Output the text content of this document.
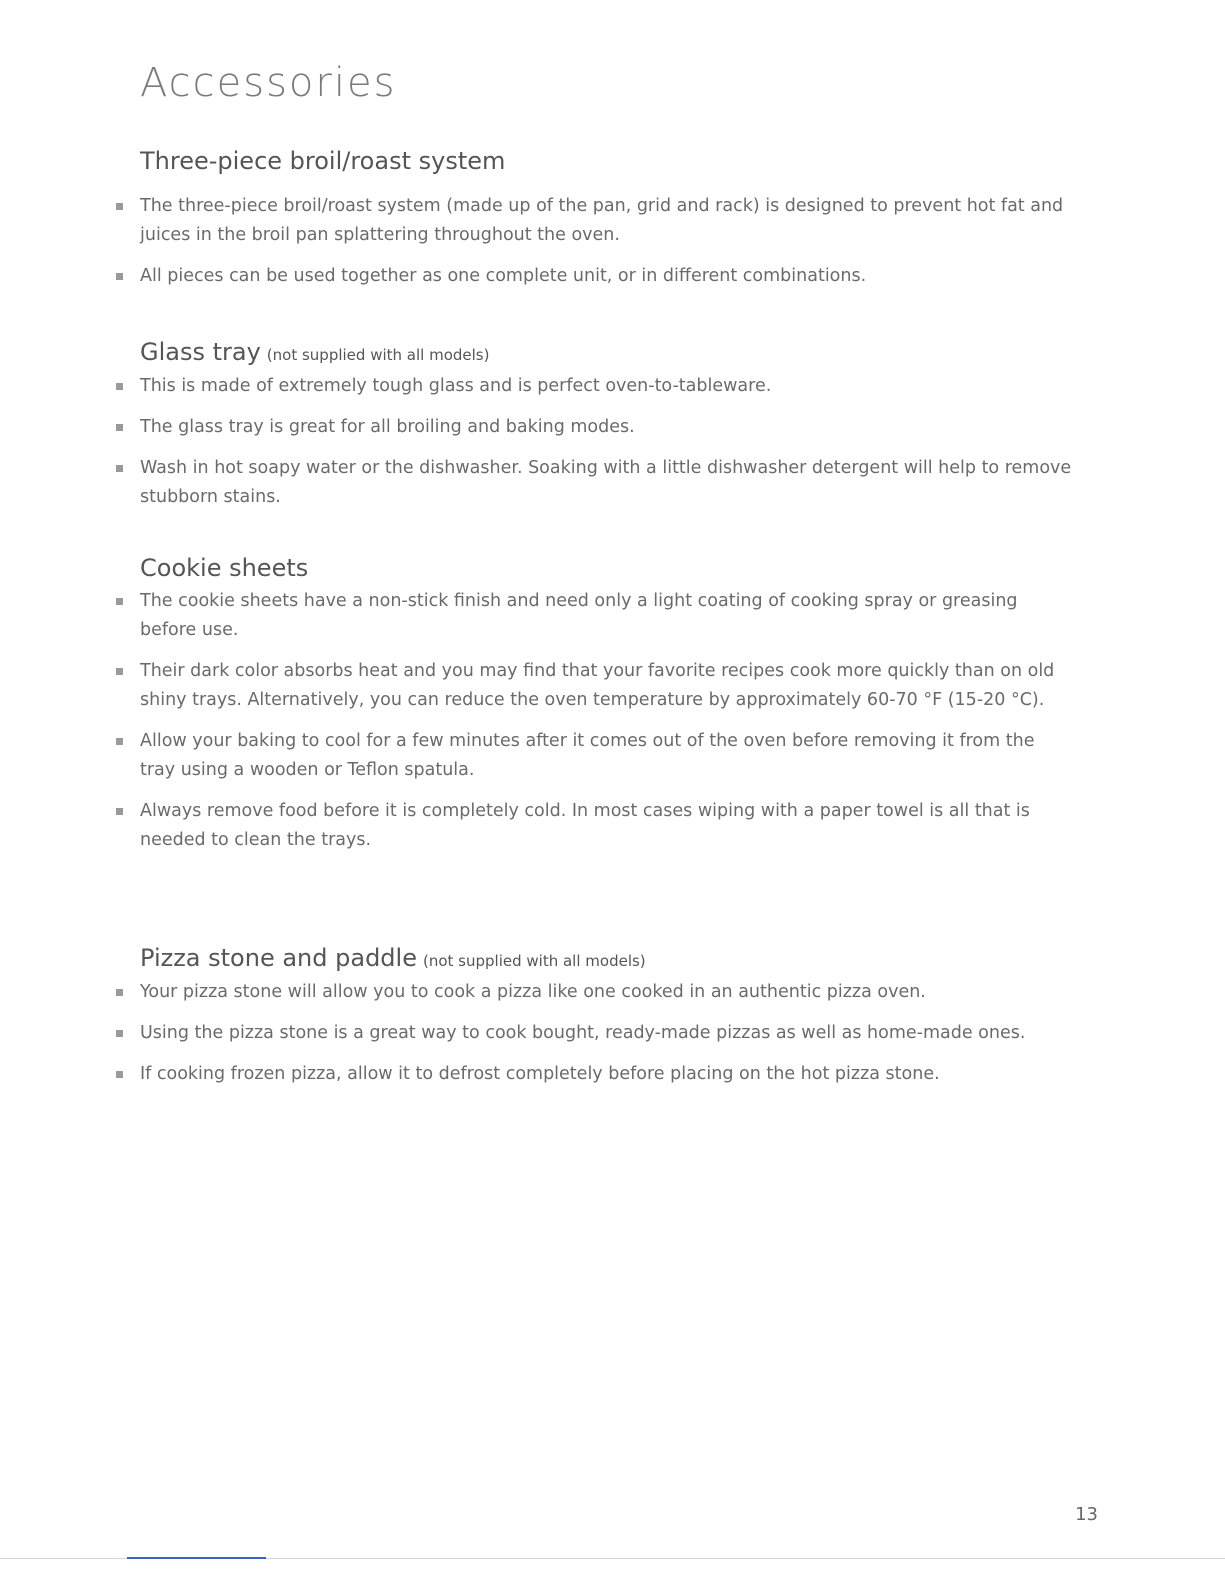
Accessories
Three-piece broil/roast system
The three-piece broil/roast system (made up of the pan, grid and rack) is designed to prevent hot fat and juices in the broil pan splattering throughout the oven.
All pieces can be used together as one complete unit, or in different combinations.
Glass tray (not supplied with all models)
This is made of extremely tough glass and is perfect oven-to-tableware.
The glass tray is great for all broiling and baking modes.
Wash in hot soapy water or the dishwasher. Soaking with a little dishwasher detergent will help to remove stubborn stains.
Cookie sheets
The cookie sheets have a non-stick finish and need only a light coating of cooking spray or greasing before use.
Their dark color absorbs heat and you may find that your favorite recipes cook more quickly than on old shiny trays. Alternatively, you can reduce the oven temperature by approximately 60-70 °F (15-20 °C).
Allow your baking to cool for a few minutes after it comes out of the oven before removing it from the tray using a wooden or Teflon spatula.
Always remove food before it is completely cold. In most cases wiping with a paper towel is all that is needed to clean the trays.
Pizza stone and paddle (not supplied with all models)
Your pizza stone will allow you to cook a pizza like one cooked in an authentic pizza oven.
Using the pizza stone is a great way to cook bought, ready-made pizzas as well as home-made ones.
If cooking frozen pizza, allow it to defrost completely before placing on the hot pizza stone.
13
